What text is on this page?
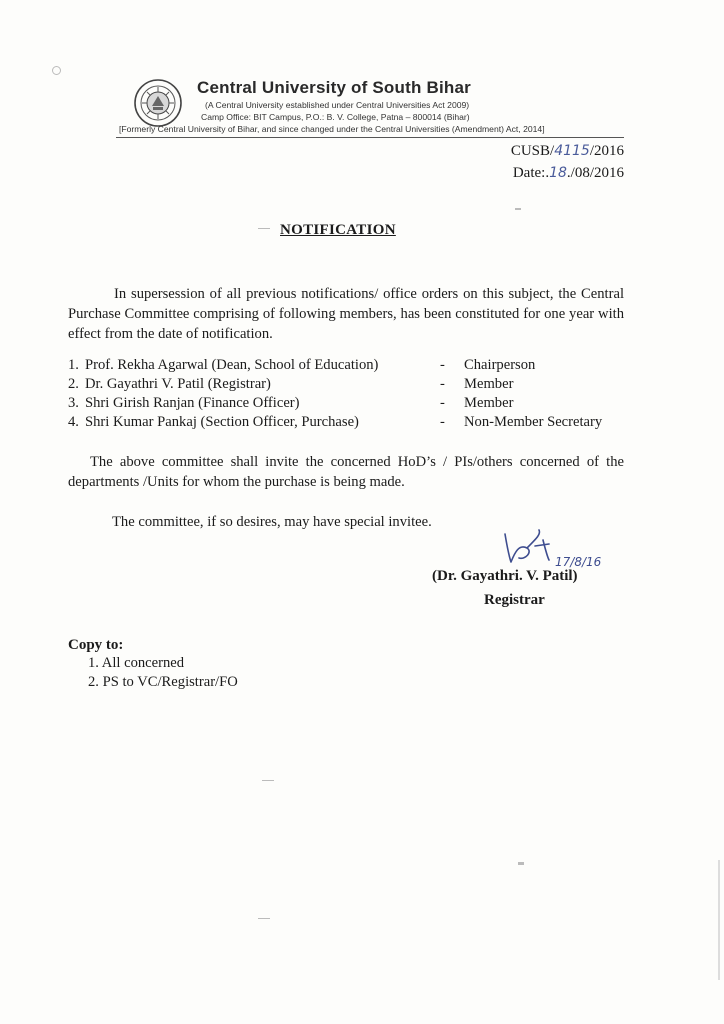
Central University of South Bihar
(A Central University established under Central Universities Act 2009)
Camp Office: BIT Campus, P.O.: B. V. College, Patna – 800014 (Bihar)
[Formerly Central University of Bihar, and since changed under the Central Universities (Amendment) Act, 2014]
CUSB/4115/2016
Date:.18./08/2016
NOTIFICATION
In supersession of all previous notifications/ office orders on this subject, the Central Purchase Committee comprising of following members, has been constituted for one year with effect from the date of notification.
1. Prof. Rekha Agarwal (Dean, School of Education)	- Chairperson
2. Dr. Gayathri V. Patil (Registrar)	- Member
3. Shri Girish Ranjan (Finance Officer)	- Member
4. Shri Kumar Pankaj (Section Officer, Purchase)	- Non-Member Secretary
The above committee shall invite the concerned HoD’s / PIs/others concerned of the departments /Units for whom the purchase is being made.
The committee, if so desires, may have special invitee.
17/8/16
(Dr. Gayathri. V. Patil)
Registrar
Copy to:
1. All concerned
2. PS to VC/Registrar/FO
